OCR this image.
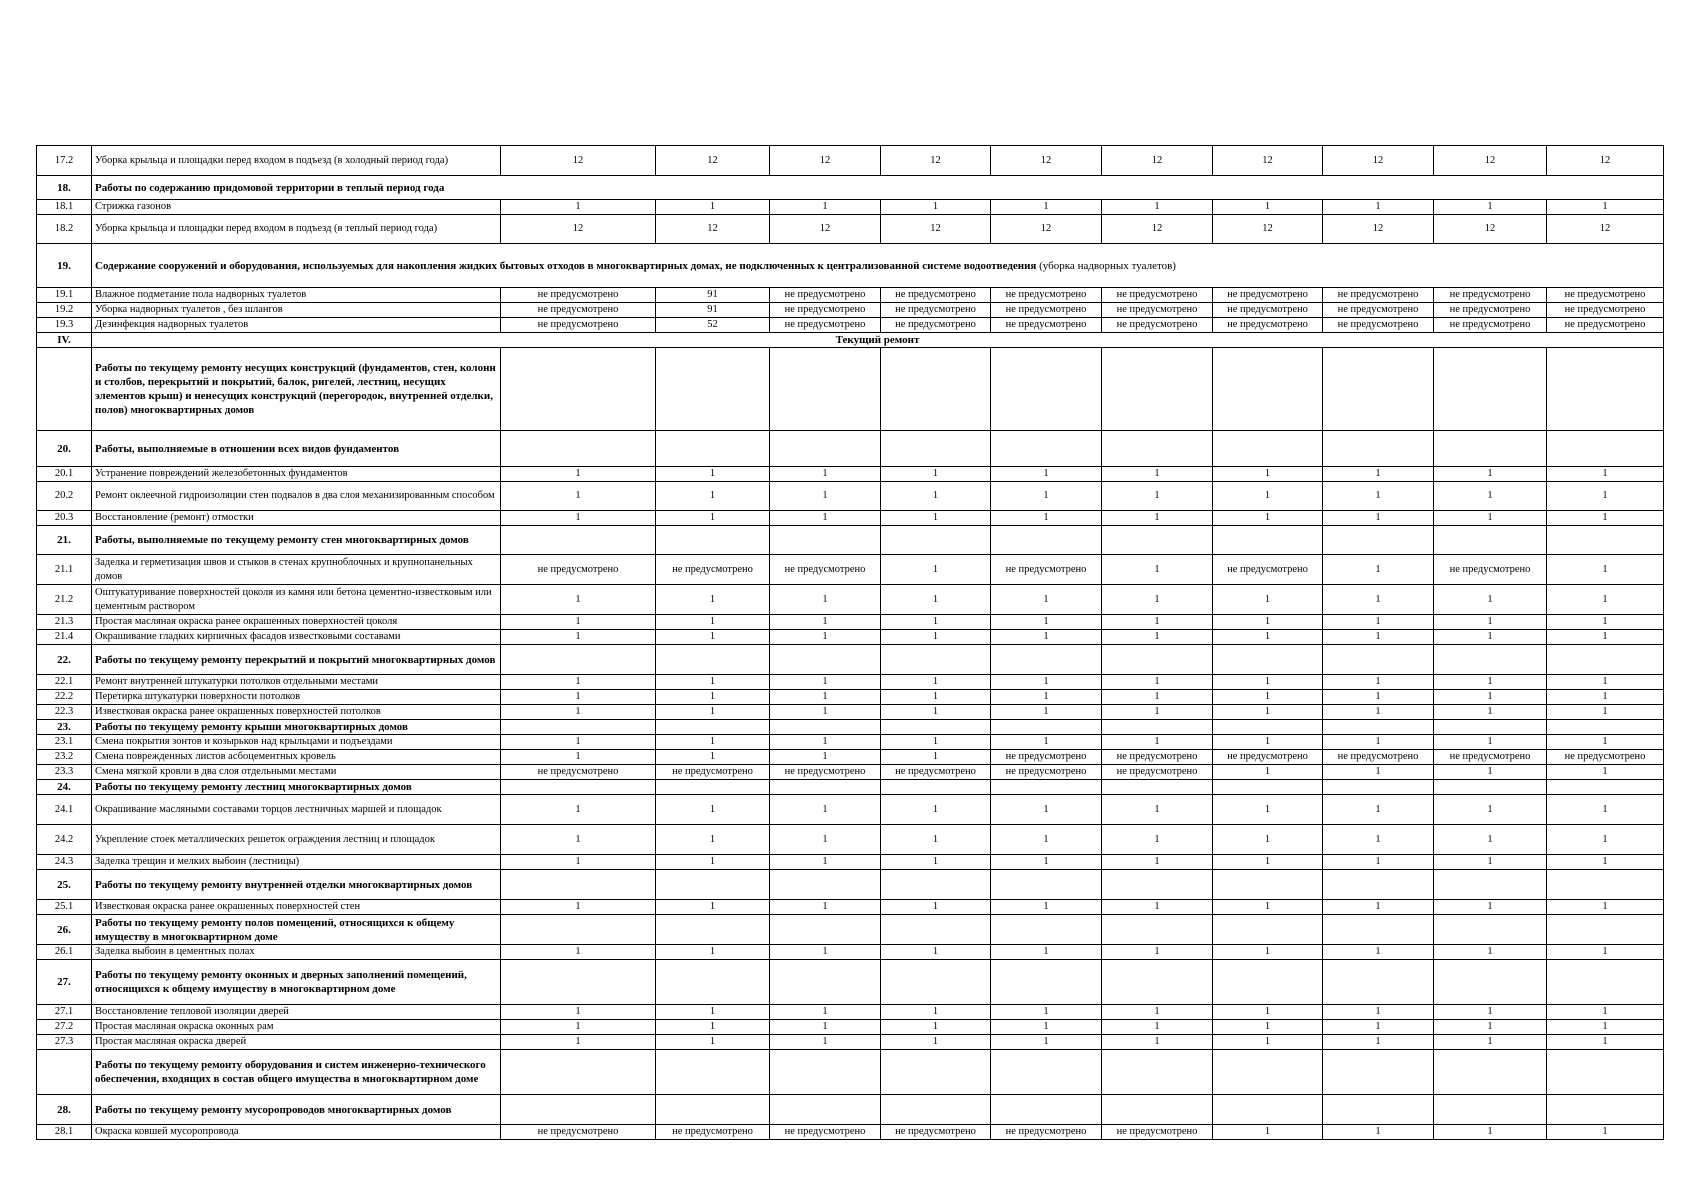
17.2	Уборка крыльца и площадки перед входом в подъезд (в холодный период года)	12	12	12	12	12	12	12	12	12	12
18.	Работы по содержанию придомовой территории в теплый период года										
18.1	Стрижка газонов	1	1	1	1	1	1	1	1	1	1
18.2	Уборка крыльца и площадки перед входом в подъезд (в теплый период года)	12	12	12	12	12	12	12	12	12	12
19.	Содержание сооружений и оборудования, используемых для накопления жидких бытовых отходов в многоквартирных домах, не подключенных к централизованной системе водоотведения (уборка надворных туалетов)										
19.1	Влажное подметание пола надворных туалетов	не предусмотрено	91	не предусмотрено	не предусмотрено	не предусмотрено	не предусмотрено	не предусмотрено	не предусмотрено	не предусмотрено	не предусмотрено
19.2	Уборка надворных туалетов , без шлангов	не предусмотрено	91	не предусмотрено	не предусмотрено	не предусмотрено	не предусмотрено	не предусмотрено	не предусмотрено	не предусмотрено	не предусмотрено
19.3	Дезинфекция надворных туалетов	не предусмотрено	52	не предусмотрено	не предусмотрено	не предусмотрено	не предусмотрено	не предусмотрено	не предусмотрено	не предусмотрено	не предусмотрено
IV.	Текущий ремонт										
	Работы по текущему ремонту несущих конструкций (фундаментов, стен, колонн и столбов, перекрытий и покрытий, балок, ригелей, лестниц, несущих элементов крыш) и ненесущих конструкций (перегородок, внутренней отделки, полов) многоквартирных домов										
20.	Работы, выполняемые в отношении всех видов фундаментов										
20.1	Устранение повреждений железобетонных фундаментов	1	1	1	1	1	1	1	1	1	1
20.2	Ремонт оклеечной гидроизоляции стен подвалов в два слоя механизированным способом	1	1	1	1	1	1	1	1	1	1
20.3	Восстановление (ремонт) отмостки	1	1	1	1	1	1	1	1	1	1
21.	Работы, выполняемые по текущему ремонту стен многоквартирных домов										
21.1	Заделка и герметизация швов и стыков в стенах крупноблочных и крупнопанельных домов	не предусмотрено	не предусмотрено	не предусмотрено	1	не предусмотрено	1	не предусмотрено	1	не предусмотрено	1
21.2	Оштукатуривание поверхностей цоколя из камня или бетона цементно-известковым или цементным раствором	1	1	1	1	1	1	1	1	1	1
21.3	Простая масляная окраска ранее окрашенных поверхностей цоколя	1	1	1	1	1	1	1	1	1	1
21.4	Окрашивание гладких кирпичных фасадов известковыми составами	1	1	1	1	1	1	1	1	1	1
22.	Работы по текущему ремонту перекрытий и покрытий многоквартирных домов										
22.1	Ремонт внутренней штукатурки потолков отдельными местами	1	1	1	1	1	1	1	1	1	1
22.2	Перетирка штукатурки поверхности потолков	1	1	1	1	1	1	1	1	1	1
22.3	Известковая окраска ранее окрашенных поверхностей потолков	1	1	1	1	1	1	1	1	1	1
23.	Работы по текущему ремонту крыши многоквартирных домов										
23.1	Смена покрытия зонтов и козырьков над крыльцами и подъездами	1	1	1	1	1	1	1	1	1	1
23.2	Смена поврежденных листов асбоцементных кровель	1	1	1	1	не предусмотрено	не предусмотрено	не предусмотрено	не предусмотрено	не предусмотрено	не предусмотрено
23.3	Смена мягкой кровли в два слоя отдельными местами	не предусмотрено	не предусмотрено	не предусмотрено	не предусмотрено	не предусмотрено	не предусмотрено	1	1	1	1
24.	Работы по текущему ремонту лестниц многоквартирных домов										
24.1	Окрашивание масляными составами торцов лестничных маршей и площадок	1	1	1	1	1	1	1	1	1	1
24.2	Укрепление стоек металлических решеток ограждения лестниц и площадок	1	1	1	1	1	1	1	1	1	1
24.3	Заделка трещин и мелких выбоин (лестницы)	1	1	1	1	1	1	1	1	1	1
25.	Работы по текущему ремонту внутренней отделки многоквартирных домов										
25.1	Известковая окраска ранее окрашенных поверхностей стен	1	1	1	1	1	1	1	1	1	1
26.	Работы по текущему ремонту полов помещений, относящихся к общему имуществу в многоквартирном доме										
26.1	Заделка выбоин в цементных полах	1	1	1	1	1	1	1	1	1	1
27.	Работы по текущему ремонту оконных и дверных заполнений помещений, относящихся к общему имуществу в многоквартирном доме										
27.1	Восстановление тепловой изоляции дверей	1	1	1	1	1	1	1	1	1	1
27.2	Простая масляная окраска оконных рам	1	1	1	1	1	1	1	1	1	1
27.3	Простая масляная окраска дверей	1	1	1	1	1	1	1	1	1	1
	Работы по текущему ремонту оборудования и систем инженерно-технического обеспечения, входящих в состав общего имущества в многоквартирном доме										
28.	Работы по текущему ремонту мусоропроводов многоквартирных домов										
28.1	Окраска ковшей мусоропровода	не предусмотрено	не предусмотрено	не предусмотрено	не предусмотрено	не предусмотрено	не предусмотрено	1	1	1	1
